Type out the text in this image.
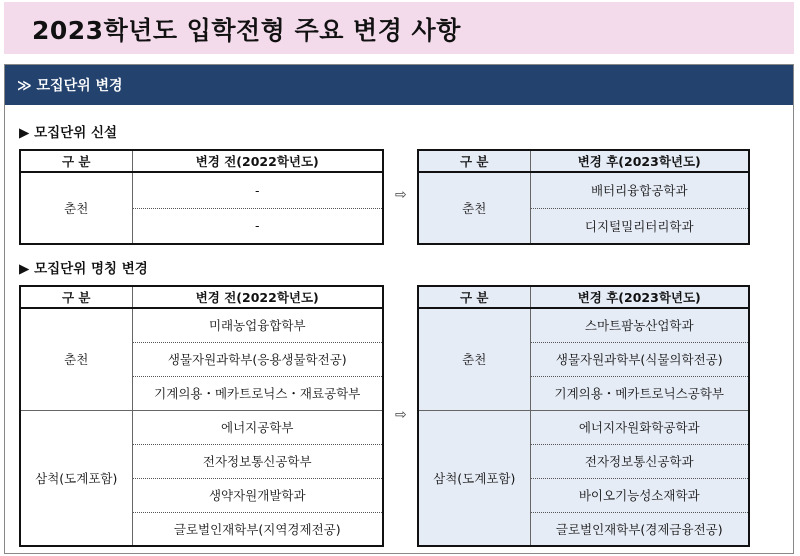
2023학년도 입학전형 주요 변경 사항
≫ 모집단위 변경
▶ 모집단위 신설
구 분	변경 전(2022학년도)
춘천	-
	-
⇨
구 분	변경 후(2023학년도)
춘천	배터리융합공학과
	디지털밀리터리학과
▶ 모집단위 명칭 변경
구 분	변경 전(2022학년도)
춘천	미래농업융합학부
	생물자원과학부(응용생물학전공)
	기계의용・메카트로닉스・재료공학부
삼척(도계포함)	에너지공학부
	전자정보통신공학부
	생약자원개발학과
	글로벌인재학부(지역경제전공)
⇨
구 분	변경 후(2023학년도)
춘천	스마트팜농산업학과
	생물자원과학부(식물의학전공)
	기계의용・메카트로닉스공학부
삼척(도계포함)	에너지자원화학공학과
	전자정보통신공학과
	바이오기능성소재학과
	글로벌인재학부(경제금융전공)
